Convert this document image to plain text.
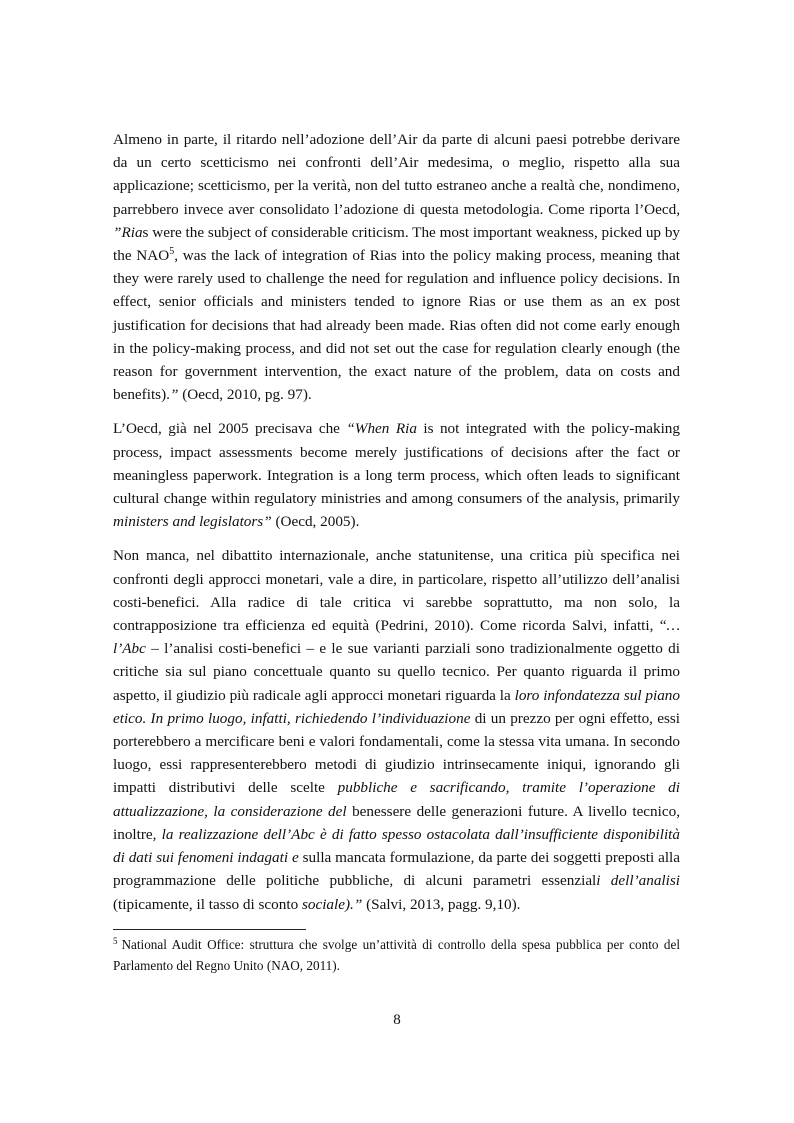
Almeno in parte, il ritardo nell’adozione dell’Air da parte di alcuni paesi potrebbe derivare da un certo scetticismo nei confronti dell’Air medesima, o meglio, rispetto alla sua applicazione; scetticismo, per la verità, non del tutto estraneo anche a realtà che, nondimeno, parrebbero invece aver consolidato l’adozione di questa metodologia. Come riporta l’Oecd, ”Rias were the subject of considerable criticism. The most important weakness, picked up by the NAO$^5$, was the lack of integration of Rias into the policy making process, meaning that they were rarely used to challenge the need for regulation and influence policy decisions. In effect, senior officials and ministers tended to ignore Rias or use them as an ex post justification for decisions that had already been made. Rias often did not come early enough in the policy-making process, and did not set out the case for regulation clearly enough (the reason for government intervention, the exact nature of the problem, data on costs and benefits).” (Oecd, 2010, pg. 97).

L’Oecd, già nel 2005 precisava che “When Ria is not integrated with the policy-making process, impact assessments become merely justifications of decisions after the fact or meaningless paperwork. Integration is a long term process, which often leads to significant cultural change within regulatory ministries and among consumers of the analysis, primarily ministers and legislators” (Oecd, 2005).

Non manca, nel dibattito internazionale, anche statunitense, una critica più specifica nei confronti degli approcci monetari, vale a dire, in particolare, rispetto all’utilizzo dell’analisi costi-benefici. Alla radice di tale critica vi sarebbe soprattutto, ma non solo, la contrapposizione tra efficienza ed equità (Pedrini, 2010). Come ricorda Salvi, infatti, “…l’Abc – l’analisi costi-benefici – e le sue varianti parziali sono tradizionalmente oggetto di critiche sia sul piano concettuale quanto su quello tecnico. Per quanto riguarda il primo aspetto, il giudizio più radicale agli approcci monetari riguarda la loro infondatezza sul piano etico. In primo luogo, infatti, richiedendo l’individuazione di un prezzo per ogni effetto, essi porterebbero a mercificare beni e valori fondamentali, come la stessa vita umana. In secondo luogo, essi rappresenterebbero metodi di giudizio intrinsecamente iniqui, ignorando gli impatti distributivi delle scelte pubbliche e sacrificando, tramite l’operazione di attualizzazione, la considerazione del benessere delle generazioni future. A livello tecnico, inoltre, la realizzazione dell’Abc è di fatto spesso ostacolata dall’insufficiente disponibilità di dati sui fenomeni indagati e sulla mancata formulazione, da parte dei soggetti preposti alla programmazione delle politiche pubbliche, di alcuni parametri essenziali dell’analisi (tipicamente, il tasso di sconto sociale).” (Salvi, 2013, pagg. 9,10).

$^5$ National Audit Office: struttura che svolge un’attività di controllo della spesa pubblica per conto del Parlamento del Regno Unito (NAO, 2011).

8
